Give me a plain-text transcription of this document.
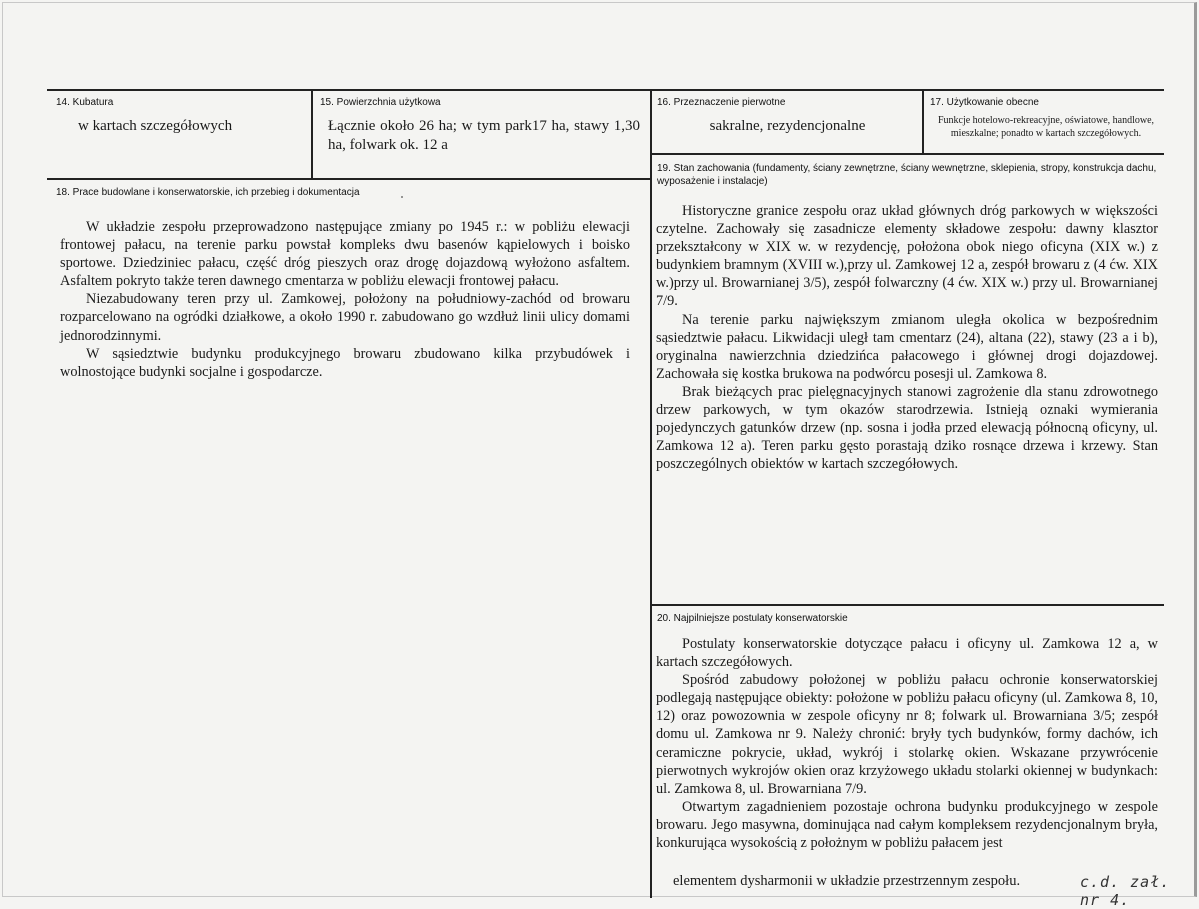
14. Kubatura
w kartach szczegółowych
15. Powierzchnia użytkowa
Łącznie około 26 ha; w tym park17 ha, stawy 1,30 ha, folwark ok. 12 a
16. Przeznaczenie pierwotne
sakralne, rezydencjonalne
17. Użytkowanie obecne
Funkcje hotelowo-rekreacyjne, oświatowe, handlowe, mieszkalne; ponadto w kartach szczegółowych.
18. Prace budowlane i konserwatorskie, ich przebieg i dokumentacja

W układzie zespołu przeprowadzono następujące zmiany po 1945 r.: w pobliżu elewacji frontowej pałacu, na terenie parku powstał kompleks dwu basenów kąpielowych i boisko sportowe. Dziedziniec pałacu, część dróg pieszych oraz drogę dojazdową wyłożono asfaltem. Asfaltem pokryto także teren dawnego cmentarza w pobliżu elewacji frontowej pałacu.

Niezabudowany teren przy ul. Zamkowej, położony na południowy-zachód od browaru rozparcelowano na ogródki działkowe, a około 1990 r. zabudowano go wzdłuż linii ulicy domami jednorodzinnymi.

W sąsiedztwie budynku produkcyjnego browaru zbudowano kilka przybudówek i wolnostojące budynki socjalne i gospodarcze.

19. Stan zachowania (fundamenty, ściany zewnętrzne, ściany wewnętrzne, sklepienia, stropy, konstrukcja dachu, wyposażenie i instalacje)

Historyczne granice zespołu oraz układ głównych dróg parkowych w większości czytelne. Zachowały się zasadnicze elementy składowe zespołu: dawny klasztor przekształcony w XIX w. w rezydencję, położona obok niego oficyna (XIX w.) z budynkiem bramnym (XVIII w.),przy ul. Zamkowej 12 a, zespół browaru z (4 ćw. XIX w.)przy ul. Browarnianej 3/5), zespół folwarczny (4 ćw. XIX w.) przy ul. Browarnianej 7/9.

Na terenie parku największym zmianom uległa okolica w bezpośrednim sąsiedztwie pałacu. Likwidacji uległ tam cmentarz (24), altana (22), stawy (23 a i b), oryginalna nawierzchnia dziedzińca pałacowego i głównej drogi dojazdowej. Zachowała się kostka brukowa na podwórcu posesji ul. Zamkowa 8.

Brak bieżących prac pielęgnacyjnych stanowi zagrożenie dla stanu zdrowotnego drzew parkowych, w tym okazów starodrzewia. Istnieją oznaki wymierania pojedynczych gatunków drzew (np. sosna i jodła przed elewacją północną oficyny, ul. Zamkowa 12 a). Teren parku gęsto porastają dziko rosnące drzewa i krzewy. Stan poszczególnych obiektów w kartach szczegółowych.

20. Najpilniejsze postulaty konserwatorskie

Postulaty konserwatorskie dotyczące pałacu i oficyny ul. Zamkowa 12 a, w kartach szczegółowych.

Spośród zabudowy położonej w pobliżu pałacu ochronie konserwatorskiej podlegają następujące obiekty: położone w pobliżu pałacu oficyny (ul. Zamkowa 8, 10, 12) oraz powozownia w zespole oficyny nr 8; folwark ul. Browarniana 3/5; zespół domu ul. Zamkowa nr 9. Należy chronić: bryły tych budynków, formy dachów, ich ceramiczne pokrycie, układ, wykrój i stolarkę okien. Wskazane przywrócenie pierwotnych wykrojów okien oraz krzyżowego układu stolarki okiennej w budynkach: ul. Zamkowa 8, ul. Browarniana 7/9.

Otwartym zagadnieniem pozostaje ochrona budynku produkcyjnego w zespole browaru. Jego masywna, dominująca nad całym kompleksem rezydencjonalnym bryła, konkurująca wysokością z położnym w pobliżu pałacem jest

elementem dysharmonii w układzie przestrzennym zespołu.	c.d. zał. nr 4.
